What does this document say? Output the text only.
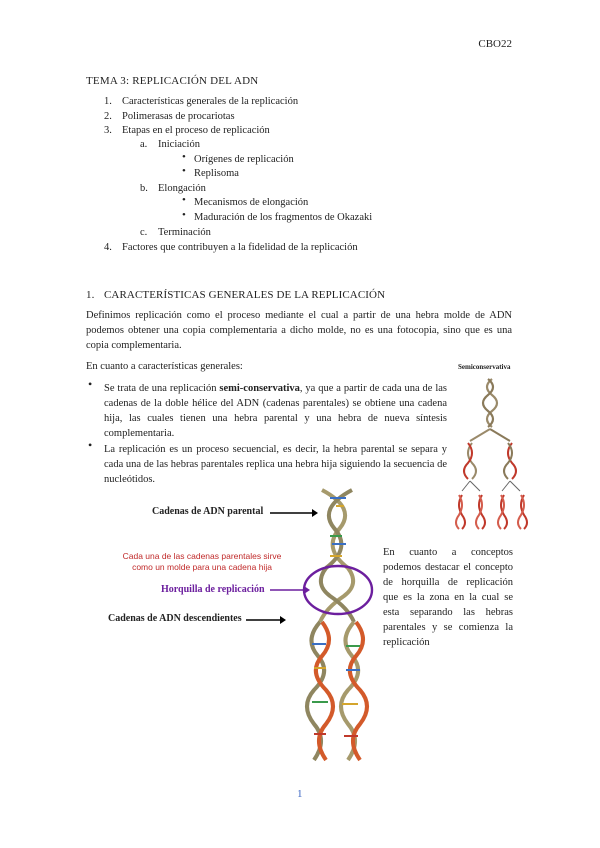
CBO22
TEMA 3: REPLICACIÓN DEL ADN
1. Características generales de la replicación
2. Polimerasas de procariotas
3. Etapas en el proceso de replicación
a. Iniciación
• Orígenes de replicación
• Replisoma
b. Elongación
• Mecanismos de elongación
• Maduración de los fragmentos de Okazaki
c. Terminación
4. Factores que contribuyen a la fidelidad de la replicación
1. CARACTERÍSTICAS GENERALES DE LA REPLICACIÓN
Definimos replicación como el proceso mediante el cual a partir de una hebra molde de ADN podemos obtener una copia complementaria a dicho molde, no es una fotocopia, sino que es una copia complementaria.
En cuanto a características generales:
• Se trata de una replicación semi-conservativa, ya que a partir de cada una de las cadenas de la doble hélice del ADN (cadenas parentales) se obtiene una cadena hija, las cuales tienen una hebra parental y una hebra de nueva síntesis complementaria.
• La replicación es un proceso secuencial, es decir, la hebra parental se separa y cada una de las hebras parentales replica una hebra hija siguiendo la secuencia de nucleótidos.
Semiconservativa
Cadenas de ADN parental
Cada una de las cadenas parentales sirve como un molde para una cadena hija
Horquilla de replicación
Cadenas de ADN descendientes
En cuanto a conceptos podemos destacar el concepto de horquilla de replicación que es la zona en la cual se esta separando las hebras parentales y se comienza la replicación
1
